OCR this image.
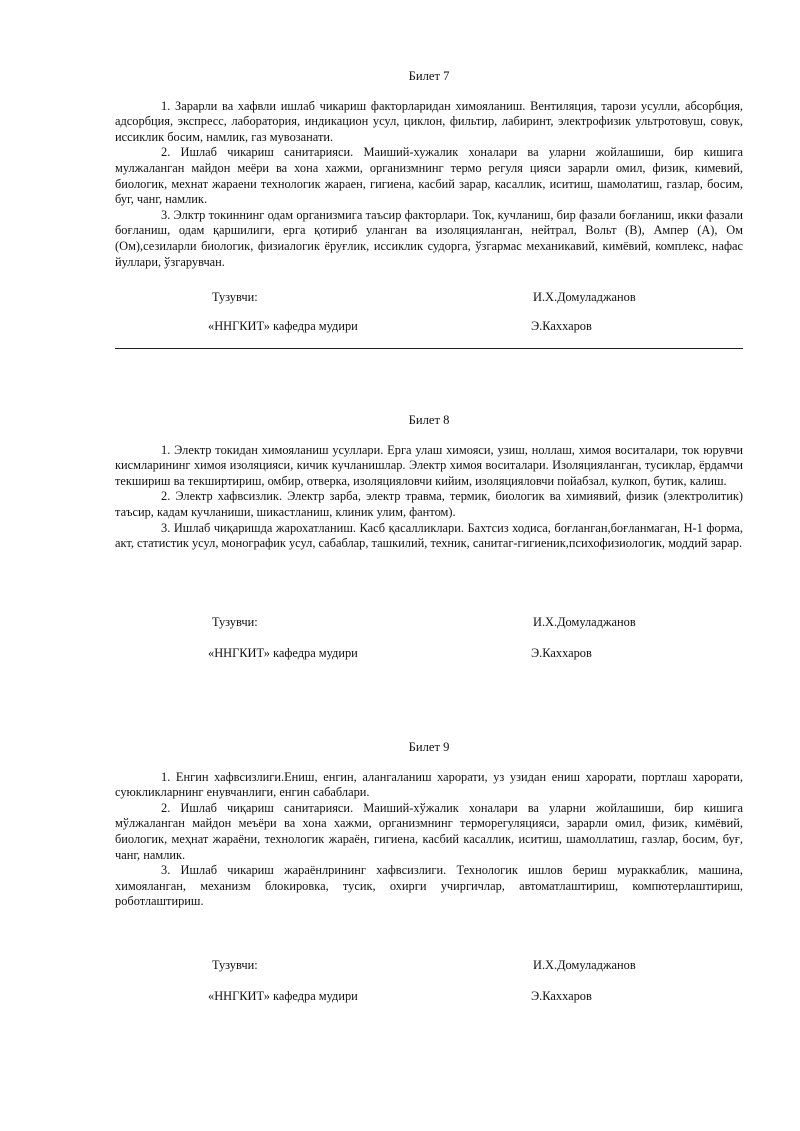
Билет 7

1. Зарарли ва хафвли ишлаб чикариш факторларидан химояланиш. Вентиляция, тарози усулли, абсорбция, адсорбция, экспресс, лаборатория, индикацион усул, циклон, фильтир, лабиринт, электрофизик ультротовуш, совук, иссиклик босим, намлик, газ мувозанати.

2. Ишлаб чикариш санитарияси. Маиший-хужалик хоналари ва уларни жойлашиши, бир кишига мулжаланган майдон меёри ва хона хажми, организмнинг термо регуля цияси зарарли омил, физик, кимевий, биологик, мехнат жараени технологик жараен, гигиена, касбий зарар, касаллик, иситиш, шамолатиш, газлар, босим, буг, чанг, намлик.

3. Элктр токиннинг одам организмига таъсир факторлари. Ток, кучланиш, бир фазали боғланиш, икки фазали боғланиш, одам қаршилиги, ерга қотириб уланган ва изоляцияланган, нейтрал, Вольт (В), Ампер (А), Ом (Ом),сезиларли биологик, физиалогик ёруғлик, иссиклик судорга, ўзгармас механикавий, кимёвий, комплекс, нафас йуллари, ўзгарувчан.

Тузувчи:	И.Х.Домуладжанов
«ННГКИТ» кафедра мудири	Э.Каххаров

Билет 8

1. Электр токидан химояланиш усуллари. Ерга улаш химояси, узиш, ноллаш, химоя воситалари, ток юрувчи кисмларининг химоя изоляцияси, кичик кучланишлар. Электр химоя воситалари. Изоляцияланган, тусиклар, ёрдамчи текшириш ва текширтириш, омбир, отверка, изоляцияловчи кийим, изоляцияловчи пойабзал, кулкоп, бутик, калиш.

2. Электр хафвсизлик. Электр зарба, электр травма, термик, биологик ва химиявий, физик (электролитик) таъсир, кадам кучланиши, шикастланиш, клиник улим, фантом).

3. Ишлаб чиқаришда жарохатланиш. Касб қасалликлари. Бахтсиз ходиса, боғланган,боғланмаган, Н-1 форма, акт, статистик усул, монографик усул, сабаблар, ташкилий, техник, санитаг-гигиеник,психофизиологик, моддий зарар.

Тузувчи:	И.Х.Домуладжанов
«ННГКИТ» кафедра мудири	Э.Каххаров

Билет 9

1. Енгин хафвсизлиги.Ениш, енгин, алангаланиш харорати, уз узидан ениш харорати, портлаш харорати, суюкликларнинг енувчанлиги, енгин сабаблари.

2. Ишлаб чиқариш санитарияси. Маиший-хўжалик хоналари ва уларни жойлашиши, бир кишига мўлжаланган майдон меъёри ва хона хажми, организмнинг терморегуляцияси, зарарли омил, физик, кимёвий, биологик, меҳнат жараёни, технологик жараён, гигиена, касбий касаллик, иситиш, шамоллатиш, газлар, босим, буғ, чанг, намлик.

3. Ишлаб чикариш жараёнлрининг хафвсизлиги. Технологик ишлов бериш мураккаблик, машина, химояланган, механизм блокировка, тусик, охирги учиргичлар, автоматлаштириш, компютерлаштириш, роботлаштириш.

Тузувчи:	И.Х.Домуладжанов
«ННГКИТ» кафедра мудири	Э.Каххаров
